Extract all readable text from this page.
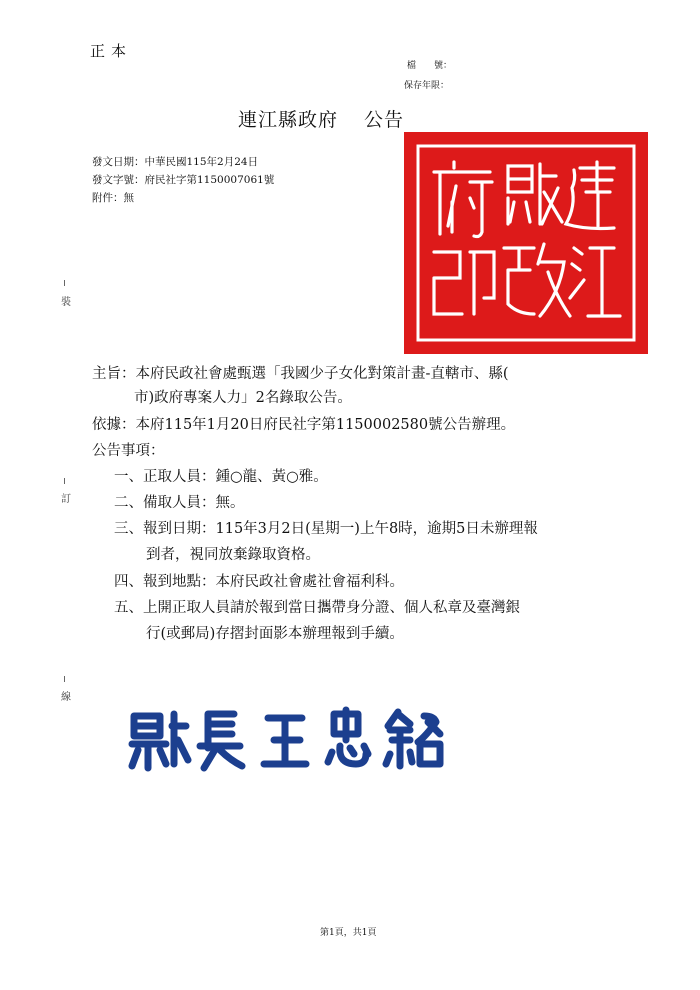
正本
檔　　號：
保存年限：
連江縣政府 公告
發文日期：中華民國115年2月24日
發文字號：府民社字第1150007061號
附件：無
裝
訂
線
主旨：本府民政社會處甄選「我國少子女化對策計畫-直轄市、縣(
市)政府專案人力」2名錄取公告。
依據：本府115年1月20日府民社字第1150002580號公告辦理。
公告事項：
一、正取人員：鍾○龍、黃○雅。
二、備取人員：無。
三、報到日期：115年3月2日(星期一)上午8時，逾期5日未辦理報
到者，視同放棄錄取資格。
四、報到地點：本府民政社會處社會福利科。
五、上開正取人員請於報到當日攜帶身分證、個人私章及臺灣銀
行(或郵局)存摺封面影本辦理報到手續。
第1頁，共1頁
